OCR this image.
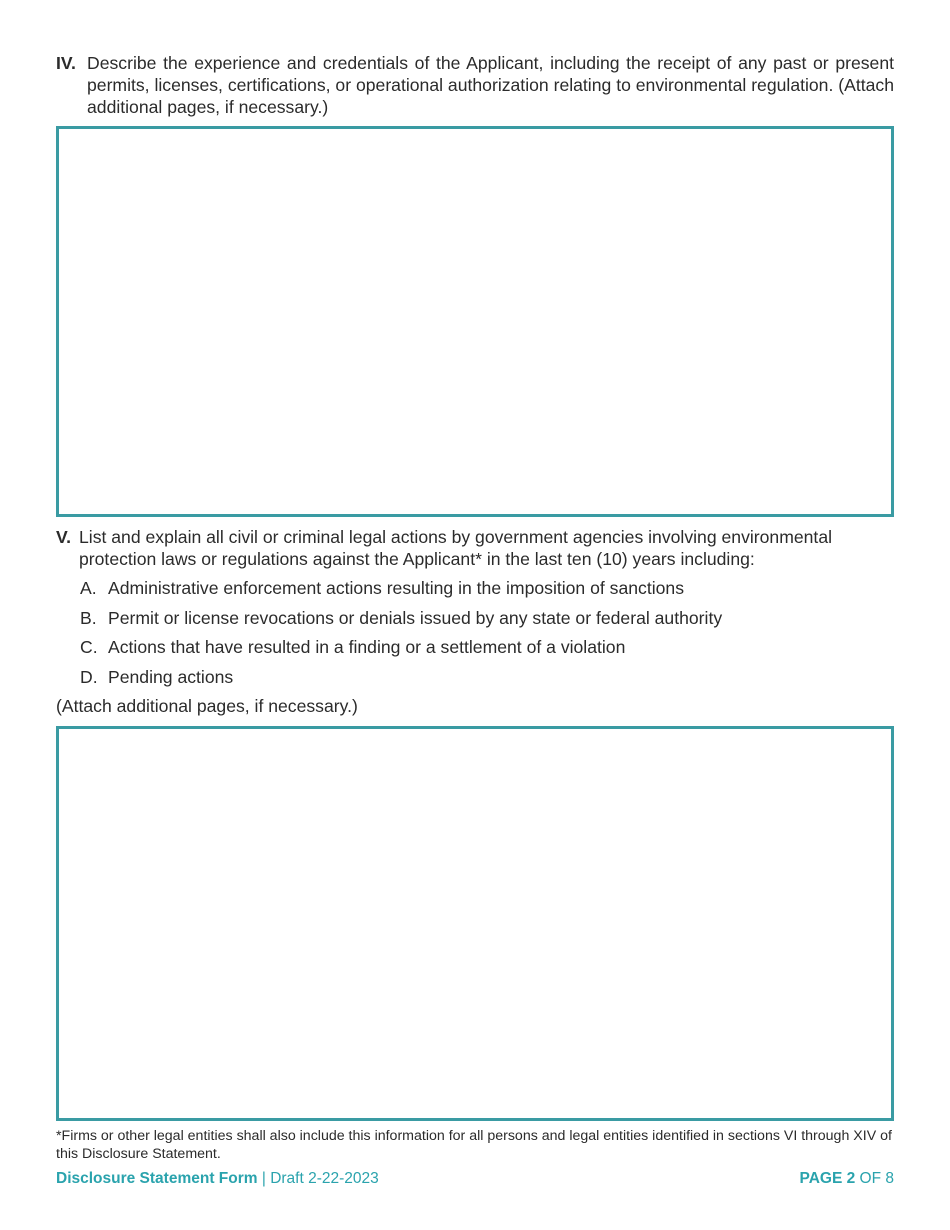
IV. Describe the experience and credentials of the Applicant, including the receipt of any past or present permits, licenses, certifications, or operational authorization relating to environmental regulation. (Attach additional pages, if necessary.)
V. List and explain all civil or criminal legal actions by government agencies involving environmental protection laws or regulations against the Applicant* in the last ten (10) years including:
A. Administrative enforcement actions resulting in the imposition of sanctions
B. Permit or license revocations or denials issued by any state or federal authority
C. Actions that have resulted in a finding or a settlement of a violation
D. Pending actions
(Attach additional pages, if necessary.)
*Firms or other legal entities shall also include this information for all persons and legal entities identified in sections VI through XIV of this Disclosure Statement.
Disclosure Statement Form | Draft 2-22-2023	PAGE 2 OF 8
